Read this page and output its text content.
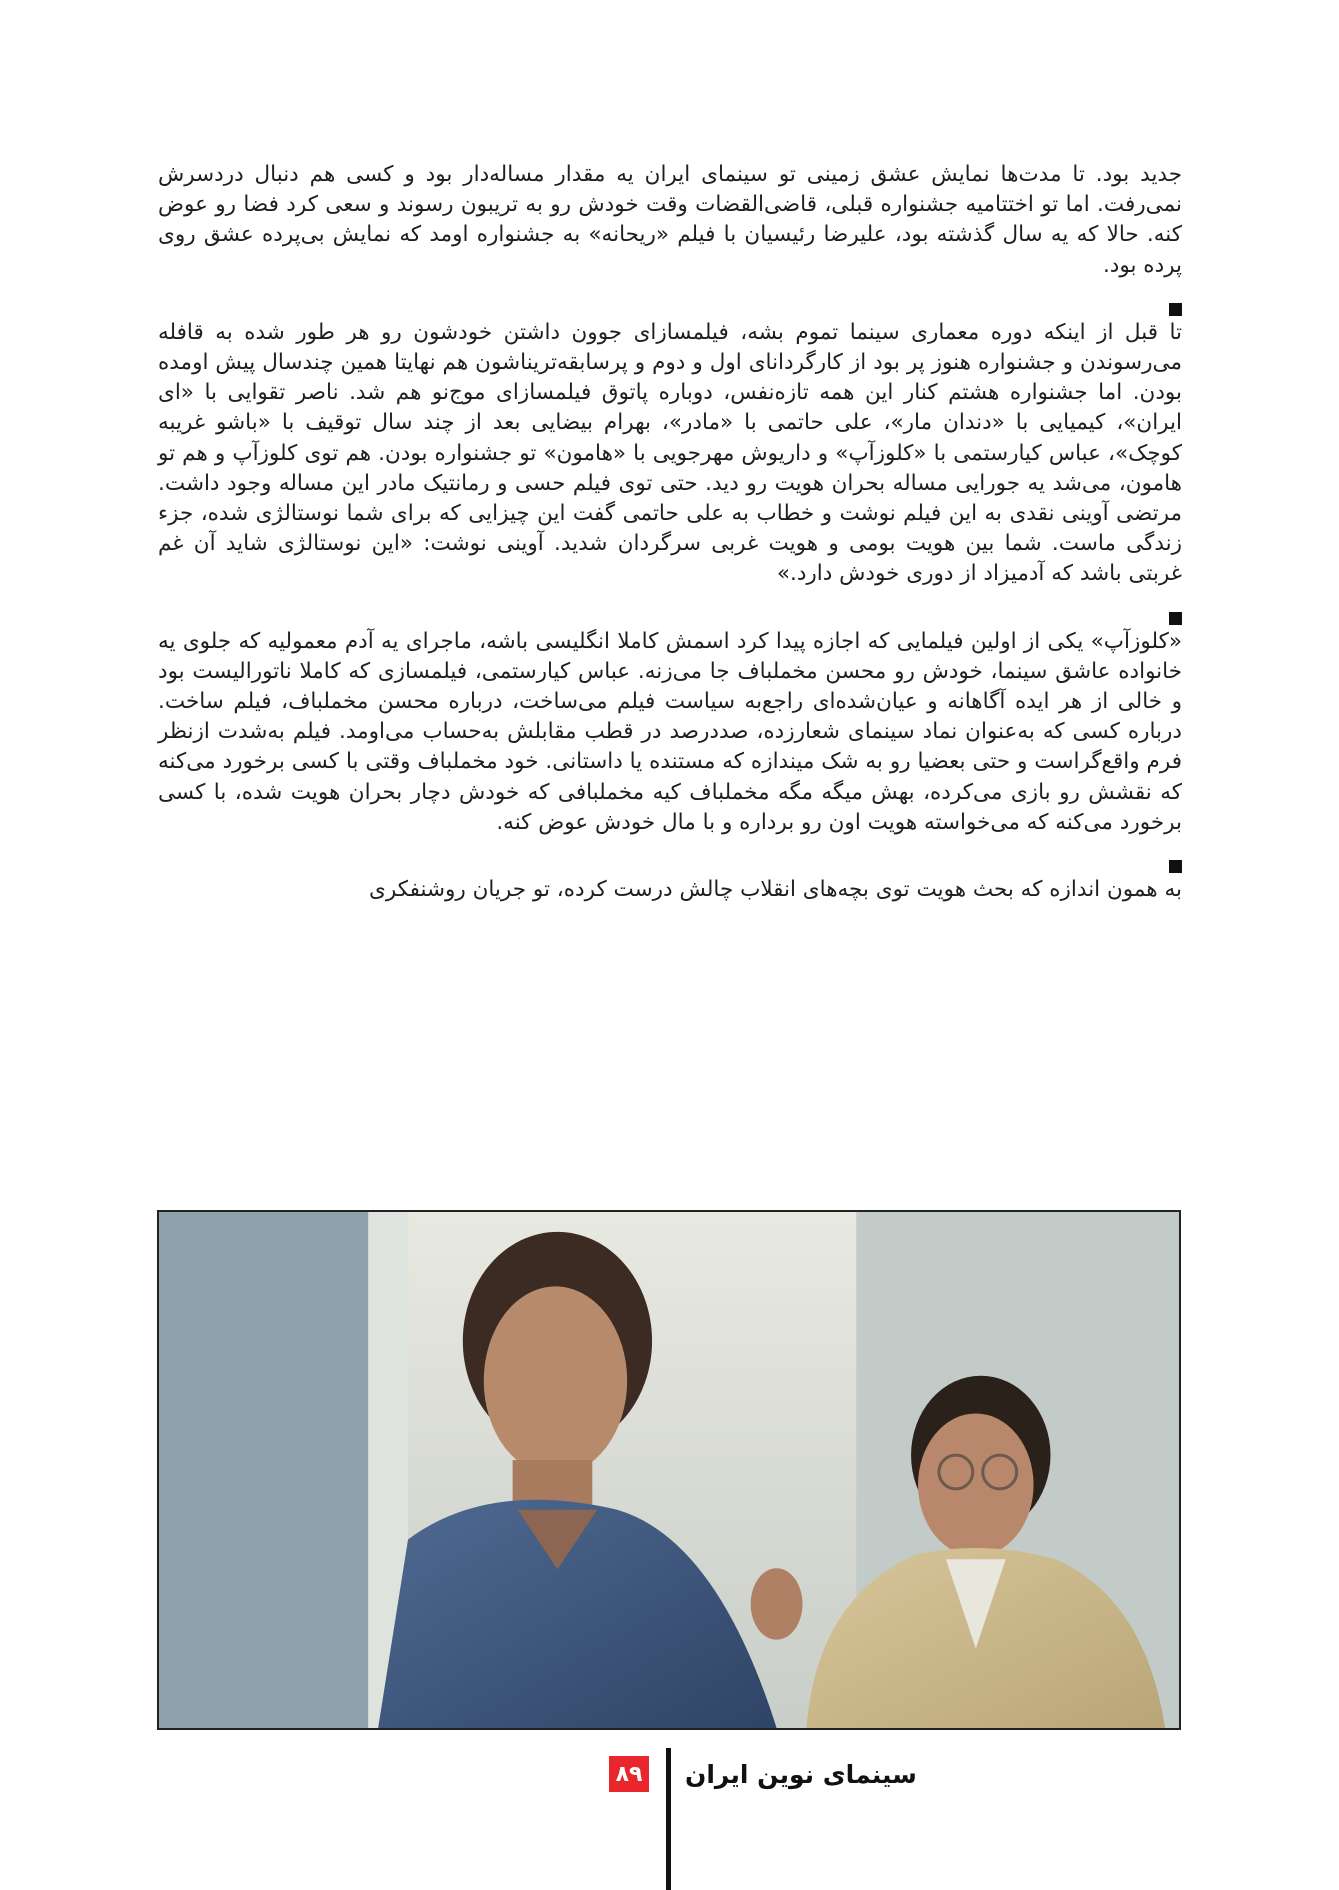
جدید بود. تا مدت‌ها نمایش عشق زمینی تو سینمای ایران یه مقدار مساله‌دار بود و کسی هم دنبال دردسرش نمی‌رفت. اما تو اختتامیه جشنواره قبلی، قاضی‌القضات وقت خودش رو به تریبون رسوند و سعی کرد فضا رو عوض کنه. حالا که یه سال گذشته بود، علیرضا رئیسیان با فیلم «ریحانه» به جشنواره اومد که نمایش بی‌پرده عشق روی پرده بود.

تا قبل از اینکه دوره معماری سینما تموم بشه، فیلمسازای جوون داشتن خودشون رو هر طور شده به قافله می‌رسوندن و جشنواره هنوز پر بود از کارگردانای اول و دوم و پرسابقه‌تریناشون هم نهایتا همین چندسال پیش اومده بودن. اما جشنواره هشتم کنار این همه تازه‌نفس، دوباره پاتوق فیلمسازای موج‌نو هم شد. ناصر تقوایی با «ای ایران»، کیمیایی با «دندان مار»، علی حاتمی با «مادر»، بهرام بیضایی بعد از چند سال توقیف با «باشو غریبه کوچک»، عباس کیارستمی با «کلوزآپ» و داریوش مهرجویی با «هامون» تو جشنواره بودن. هم توی کلوزآپ و هم تو هامون، می‌شد یه جورایی مساله بحران هویت رو دید. حتی توی فیلم حسی و رمانتیک مادر این مساله وجود داشت. مرتضی آوینی نقدی به این فیلم نوشت و خطاب به علی حاتمی گفت این چیزایی که برای شما نوستالژی شده، جزء زندگی ماست. شما بین هویت بومی و هویت غربی سرگردان شدید. آوینی نوشت: «این نوستالژی شاید آن غم غربتی باشد که آدمیزاد از دوری خودش دارد.»

«کلوزآپ» یکی از اولین فیلمایی که اجازه پیدا کرد اسمش کاملا انگلیسی باشه، ماجرای یه آدم معمولیه که جلوی یه خانواده عاشق سینما، خودش رو محسن مخملباف جا می‌زنه. عباس کیارستمی، فیلمسازی که کاملا ناتورالیست بود و خالی از هر ایده آگاهانه و عیان‌شده‌ای راجع‌به سیاست فیلم می‌ساخت، درباره محسن مخملباف، فیلم ساخت. درباره کسی که به‌عنوان نماد سینمای شعارزده، صددرصد در قطب مقابلش به‌حساب می‌اومد. فیلم به‌شدت ازنظر فرم واقع‌گراست و حتی بعضیا رو به شک میندازه که مستنده یا داستانی. خود مخملباف وقتی با کسی برخورد می‌کنه که نقشش رو بازی می‌کرده، بهش میگه مگه مخملباف کیه مخملبافی که خودش دچار بحران هویت شده، با کسی برخورد می‌کنه که می‌خواسته هویت اون رو برداره و با مال خودش عوض کنه.

به همون اندازه که بحث هویت توی بچه‌های انقلاب چالش درست کرده، تو جریان روشنفکری

سینمای نوین ایران
۸۹
